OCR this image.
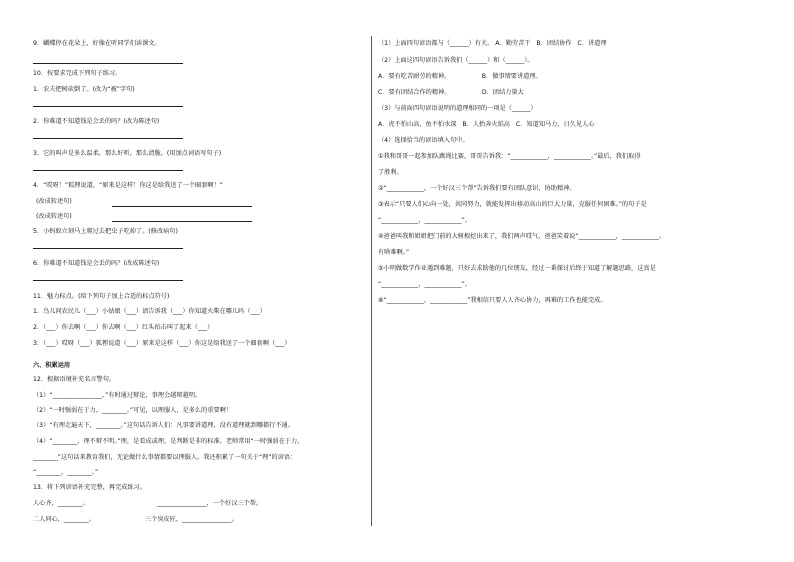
9．蝴蝶停在花朵上，好像在听同学们读课文。
10．按要求完成下列句子练习。
1．农夫把树砍倒了。(改为“被”字句)
2．你难道不知道钱是会丢的吗？(改为陈述句)
3．它的叫声是多么温柔，那么好听，那么清脆。(用加点词语写句子)
4．“哎呀！”狐狸说道，“原来是这样！你这是给我送了一个圈套啊！”
(改成转述句)
(改成转述句)
5．小蚂蚁立刻马上爬过去把虫子吃掉了。(修改病句)
6．你难道不知道钱是会丢的吗？(改成陈述句)
11．魅力标点。(给下列句子加上合适的标点符号)
1．鸟儿问农民儿（___）小姑娘（___）请告诉我（___）你知道火柴在哪儿吗（___）
2．（___）你去啊（___）你去啊（___）红头拍击叫了起来（___）
3．（___）哎呀（___）狐狸说道（___）原来是这样（___）你这是给我送了一个圈套啊（___）
六、积累运用
12．根据语境补充名言警句。
（1）“________________。”有时通过辩论，事理会越辩越明。
（2）“一时强弱在于力，________。”可见，以理服人，是多么的重要啊！
（3）“有理走遍天下，________。”这句话告诉人们：凡事要讲道理，没有道理就到哪都行不通。
（4）“________，理不辩不明。”理，是看成或理，是判断是非的标准。老师常用“一时强弱在于力，
________”这句话来教育我们，无论做什么事情都要以理服人。我还积累了一句关于“理”的谚语：
“________，________。”
13．将下列谚语补充完整，再完成练习。
人心齐，________。	________________，一个好汉三个帮。
二人同心，________。	三个臭皮匠，________________。
（1）上面四句谚语都与（______）有关。 A．勤劳苦干   B．团结协作   C．讲道理
（2）上面这四句谚语告诉我们（______）和（______）。
A．要有吃苦耐劳的精神。                B．做事情要讲道理。
C．要有团结合作的精神。                D．团结力量大
（3）与前面四句谚语说明的道理相同的一项是（______）
A．虎不怕山高，鱼不怕水深   B．人抬奔火焰高   C．知道知马力，日久见人心
（4）选择恰当的谚语填入句中。
①我和哥哥一起参加队跳绳比赛，哥哥告诉我：“____________，____________。”最后，我们取得
了胜利。
②“____________，一个好汉三个帮”告诉我们要有团队意识，协助精神。
③表示“只要人们心向一处，共同努力，就能发挥出移动高山的巨大力量，克服任何困难。”的句子是
“____________，____________”。
④爸爸叫我和姐姐把门前的大树根挖出来了，我们两声哎气，爸爸笑着说“____________，____________。
有啥难啊。”
⑤小明做数学作业遇到难题，只好去求助他的几位朋友，经过一番探讨后终于知道了解题思路，这真是
“____________，____________”。
⑥“____________，____________”我相信只要人人齐心协力，再难的工作也能完成。
